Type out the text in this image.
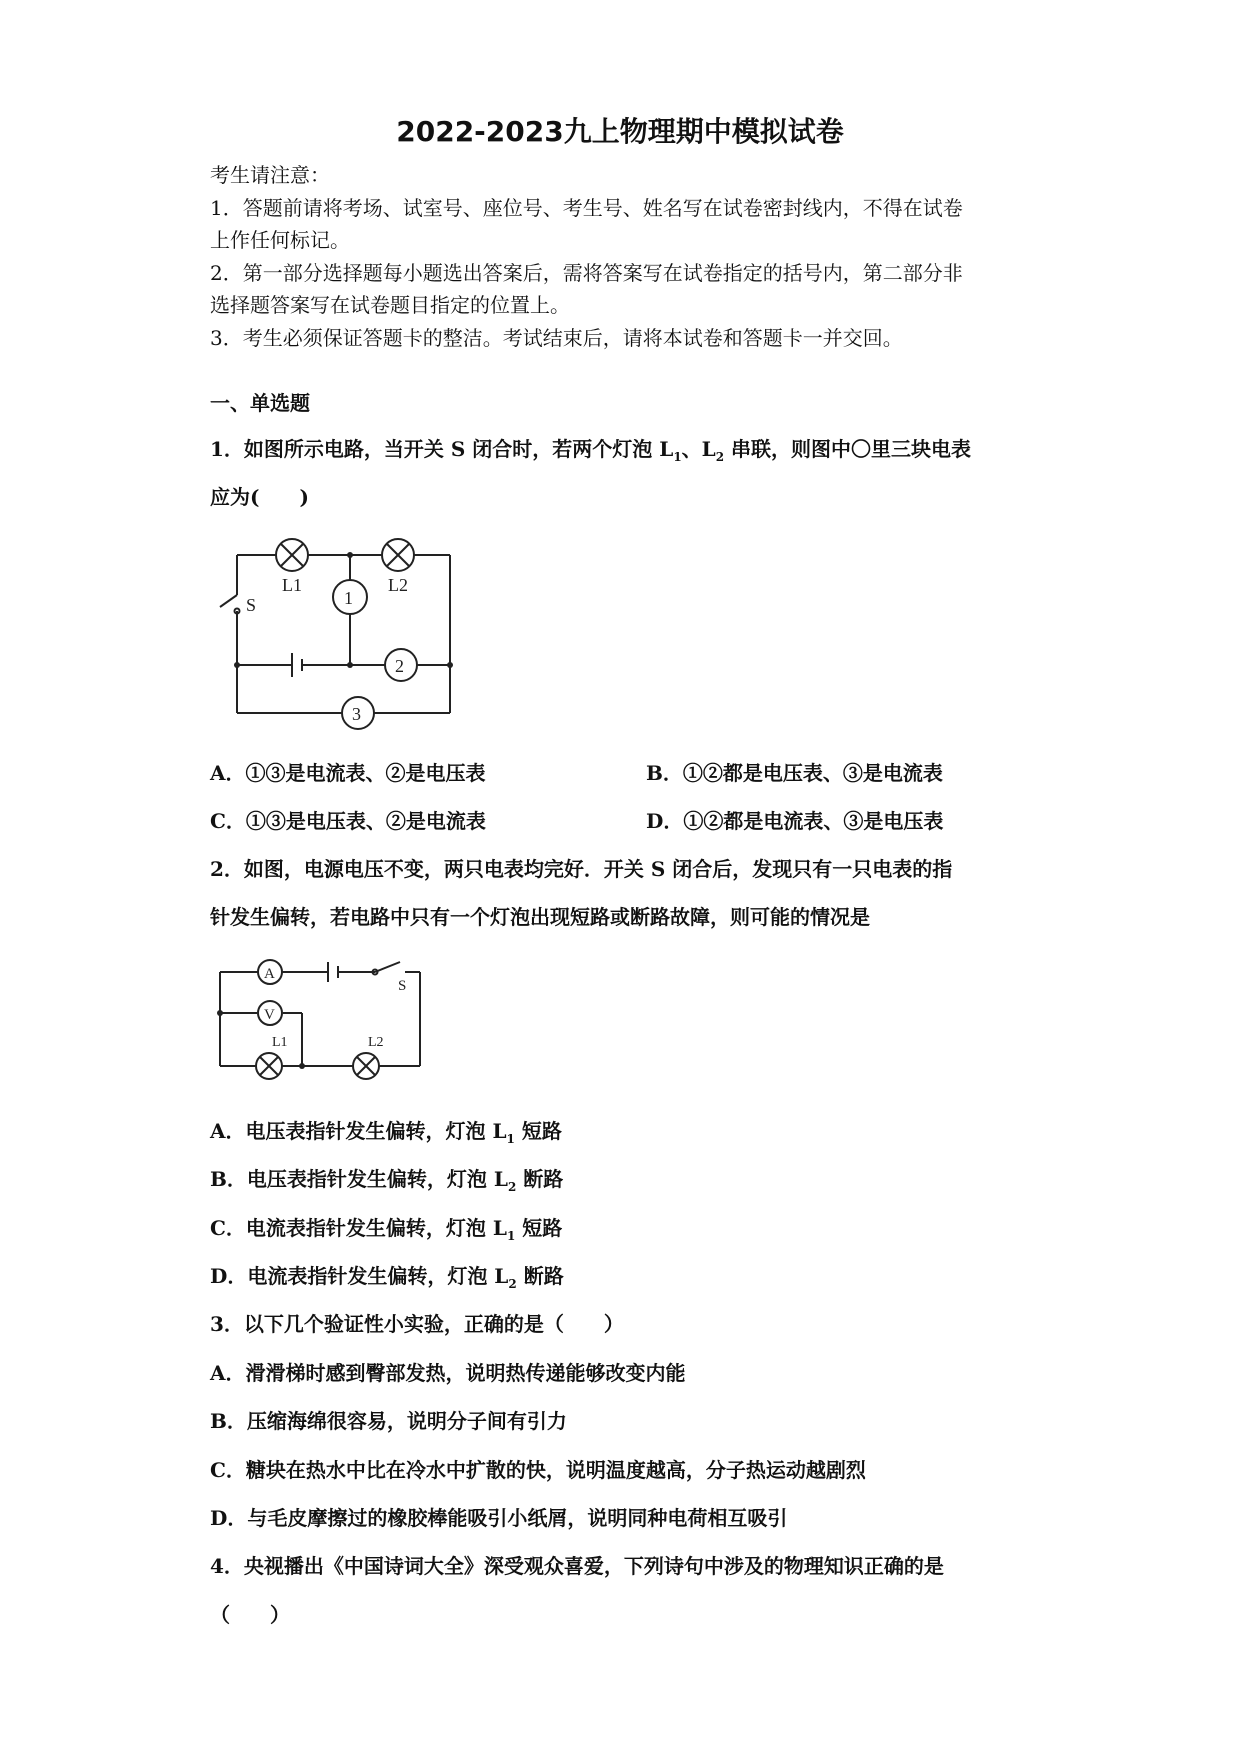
2022-2023九上物理期中模拟试卷
考生请注意：
1．答题前请将考场、试室号、座位号、考生号、姓名写在试卷密封线内，不得在试卷
上作任何标记。
2．第一部分选择题每小题选出答案后，需将答案写在试卷指定的括号内，第二部分非
选择题答案写在试卷题目指定的位置上。
3．考生必须保证答题卡的整洁。考试结束后，请将本试卷和答题卡一并交回。
一、单选题
1．如图所示电路，当开关 S 闭合时，若两个灯泡 $L_1$、$L_2$ 串联，则图中〇里三块电表
应为(　　)
L1	L2
S	1
2
3
A．①③是电流表、②是电压表	B．①②都是电压表、③是电流表
C．①③是电压表、②是电流表	D．①②都是电流表、③是电压表
2．如图，电源电压不变，两只电表均完好．开关 S 闭合后，发现只有一只电表的指
针发生偏转，若电路中只有一个灯泡出现短路或断路故障，则可能的情况是
A
V
S
L1	L2
A．电压表指针发生偏转，灯泡 $L_1$ 短路
B．电压表指针发生偏转，灯泡 $L_2$ 断路
C．电流表指针发生偏转，灯泡 $L_1$ 短路
D．电流表指针发生偏转，灯泡 $L_2$ 断路
3．以下几个验证性小实验，正确的是（　　）
A．滑滑梯时感到臀部发热，说明热传递能够改变内能
B．压缩海绵很容易，说明分子间有引力
C．糖块在热水中比在冷水中扩散的快，说明温度越高，分子热运动越剧烈
D．与毛皮摩擦过的橡胶棒能吸引小纸屑，说明同种电荷相互吸引
4．央视播出《中国诗词大全》深受观众喜爱，下列诗句中涉及的物理知识正确的是
（　　）
